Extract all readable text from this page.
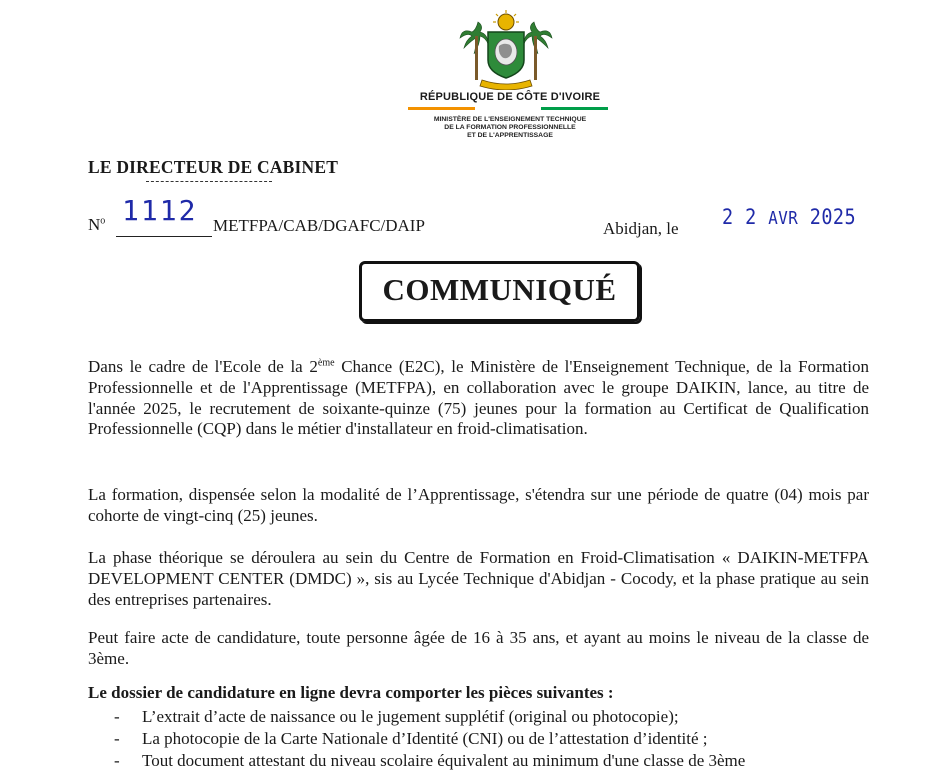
RÉPUBLIQUE DE CÔTE D'IVOIRE
MINISTÈRE DE L'ENSEIGNEMENT TECHNIQUE
DE LA FORMATION PROFESSIONNELLE
ET DE L'APPRENTISSAGE
LE DIRECTEUR DE CABINET
$N^o$ 1112 METFPA/CAB/DGAFC/DAIP	Abidjan, le 2 2 AVR 2025
COMMUNIQUÉ
Dans le cadre de l'Ecole de la 2ème Chance (E2C), le Ministère de l'Enseignement Technique, de la Formation Professionnelle et de l'Apprentissage (METFPA), en collaboration avec le groupe DAIKIN, lance, au titre de l'année 2025, le recrutement de soixante-quinze (75) jeunes pour la formation au Certificat de Qualification Professionnelle (CQP) dans le métier d'installateur en froid-climatisation.
La formation, dispensée selon la modalité de l’Apprentissage, s'étendra sur une période de quatre (04) mois par cohorte de vingt-cinq (25) jeunes.
La phase théorique se déroulera au sein du Centre de Formation en Froid-Climatisation « DAIKIN-METFPA DEVELOPMENT CENTER (DMDC) », sis au Lycée Technique d'Abidjan - Cocody, et la phase pratique au sein des entreprises partenaires.
Peut faire acte de candidature, toute personne âgée de 16 à 35 ans, et ayant au moins le niveau de la classe de 3ème.
Le dossier de candidature en ligne devra comporter les pièces suivantes :
- L’extrait d’acte de naissance ou le jugement supplétif (original ou photocopie);
- La photocopie de la Carte Nationale d’Identité (CNI) ou de l’attestation d’identité ;
- Tout document attestant du niveau scolaire équivalent au minimum d'une classe de 3ème
